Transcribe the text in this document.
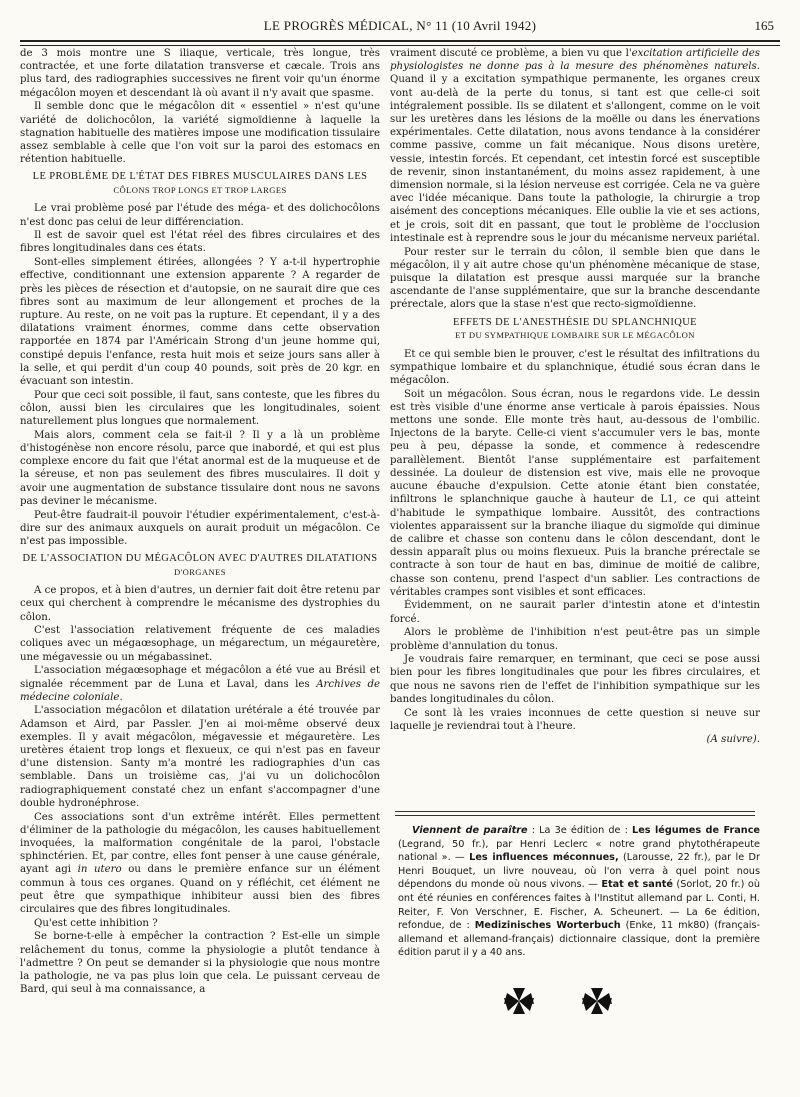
LE PROGRÈS MÉDICAL, N° 11 (10 Avril 1942)	165

de 3 mois montre une S iliaque, verticale, très longue, très contractée, et une forte dilatation transverse et cæcale. Trois ans plus tard, des radiographies successives ne firent voir qu'un énorme mégacôlon moyen et descendant là où avant il n'y avait que spasme.

Il semble donc que le mégacôlon dit « essentiel » n'est qu'une variété de dolichocôlon, la variété sigmoïdienne à laquelle la stagnation habituelle des matières impose une modification tissulaire assez semblable à celle que l'on voit sur la paroi des estomacs en rétention habituelle.

LE PROBLÈME DE L'ÉTAT DES FIBRES MUSCULAIRES DANS LES
CÔLONS TROP LONGS ET TROP LARGES

Le vrai problème posé par l'étude des méga- et des dolichocôlons n'est donc pas celui de leur différenciation.

Il est de savoir quel est l'état réel des fibres circulaires et des fibres longitudinales dans ces états.

Sont-elles simplement étirées, allongées ? Y a-t-il hypertrophie effective, conditionnant une extension apparente ? A regarder de près les pièces de résection et d'autopsie, on ne saurait dire que ces fibres sont au maximum de leur allongement et proches de la rupture. Au reste, on ne voit pas la rupture. Et cependant, il y a des dilatations vraiment énormes, comme dans cette observation rapportée en 1874 par l'Américain Strong d'un jeune homme qui, constipé depuis l'enfance, resta huit mois et seize jours sans aller à la selle, et qui perdit d'un coup 40 pounds, soit près de 20 kgr. en évacuant son intestin.

Pour que ceci soit possible, il faut, sans conteste, que les fibres du côlon, aussi bien les circulaires que les longitudinales, soient naturellement plus longues que normalement.

Mais alors, comment cela se fait-il ? Il y a là un problème d'histogénèse non encore résolu, parce que inabordé, et qui est plus complexe encore du fait que l'état anormal est de la muqueuse et de la séreuse, et non pas seulement des fibres musculaires. Il doit y avoir une augmentation de substance tissulaire dont nous ne savons pas deviner le mécanisme.

Peut-être faudrait-il pouvoir l'étudier expérimentalement, c'est-à-dire sur des animaux auxquels on aurait produit un mégacôlon. Ce n'est pas impossible.

DE L'ASSOCIATION DU MÉGACÔLON AVEC D'AUTRES DILATATIONS
D'ORGANES

A ce propos, et à bien d'autres, un dernier fait doit être retenu par ceux qui cherchent à comprendre le mécanisme des dystrophies du côlon.

C'est l'association relativement fréquente de ces maladies coliques avec un mégaœsophage, un mégarectum, un mégauretère, une mégavessie ou un mégabassinet.

L'association mégaœsophage et mégacôlon a été vue au Brésil et signalée récemment par de Luna et Laval, dans les Archives de médecine coloniale.

L'association mégacôlon et dilatation urétérale a été trouvée par Adamson et Aird, par Passler. J'en ai moi-même observé deux exemples. Il y avait mégacôlon, mégavessie et mégauretère. Les uretères étaient trop longs et flexueux, ce qui n'est pas en faveur d'une distension. Santy m'a montré les radiographies d'un cas semblable. Dans un troisième cas, j'ai vu un dolichocôlon radiographiquement constaté chez un enfant s'accompagner d'une double hydronéphrose.

Ces associations sont d'un extrême intérêt. Elles permettent d'éliminer de la pathologie du mégacôlon, les causes habituellement invoquées, la malformation congénitale de la paroi, l'obstacle sphinctérien. Et, par contre, elles font penser à une cause générale, ayant agi in utero ou dans le première enfance sur un élément commun à tous ces organes. Quand on y réfléchit, cet élément ne peut être que sympathique inhibiteur aussi bien des fibres circulaires que des fibres longitudinales.

Qu'est cette inhibition ?

Se borne-t-elle à empêcher la contraction ? Est-elle un simple relâchement du tonus, comme la physiologie a plutôt tendance à l'admettre ? On peut se demander si la physiologie que nous montre la pathologie, ne va pas plus loin que cela. Le puissant cerveau de Bard, qui seul à ma connaissance, a

vraiment discuté ce problème, a bien vu que l'excitation artificielle des physiologistes ne donne pas à la mesure des phénomènes naturels. Quand il y a excitation sympathique permanente, les organes creux vont au-delà de la perte du tonus, si tant est que celle-ci soit intégralement possible. Ils se dilatent et s'allongent, comme on le voit sur les uretères dans les lésions de la moëlle ou dans les énervations expérimentales. Cette dilatation, nous avons tendance à la considérer comme passive, comme un fait mécanique. Nous disons uretère, vessie, intestin forcés. Et cependant, cet intestin forcé est susceptible de revenir, sinon instantanément, du moins assez rapidement, à une dimension normale, si la lésion nerveuse est corrigée. Cela ne va guère avec l'idée mécanique. Dans toute la pathologie, la chirurgie a trop aisément des conceptions mécaniques. Elle oublie la vie et ses actions, et je crois, soit dit en passant, que tout le problème de l'occlusion intestinale est à reprendre sous le jour du mécanisme nerveux pariétal.

Pour rester sur le terrain du côlon, il semble bien que dans le mégacôlon, il y ait autre chose qu'un phénomène mécanique de stase, puisque la dilatation est presque aussi marquée sur la branche ascendante de l'anse supplémentaire, que sur la branche descendante prérectale, alors que la stase n'est que recto-sigmoïdienne.

EFFETS DE L'ANESTHÉSIE DU SPLANCHNIQUE
ET DU SYMPATHIQUE LOMBAIRE SUR LE MÉGACÔLON

Et ce qui semble bien le prouver, c'est le résultat des infiltrations du sympathique lombaire et du splanchnique, étudié sous écran dans le mégacôlon.

Soit un mégacôlon. Sous écran, nous le regardons vide. Le dessin est très visible d'une énorme anse verticale à parois épaissies. Nous mettons une sonde. Elle monte très haut, au-dessous de l'ombilic. Injectons de la baryte. Celle-ci vient s'accumuler vers le bas, monte peu à peu, dépasse la sonde, et commence à redescendre parallèlement. Bientôt l'anse supplémentaire est parfaitement dessinée. La douleur de distension est vive, mais elle ne provoque aucune ébauche d'expulsion. Cette atonie étant bien constatée, infiltrons le splanchnique gauche à hauteur de L1, ce qui atteint d'habitude le sympathique lombaire. Aussitôt, des contractions violentes apparaissent sur la branche iliaque du sigmoïde qui diminue de calibre et chasse son contenu dans le côlon descendant, dont le dessin apparaît plus ou moins flexueux. Puis la branche prérectale se contracte à son tour de haut en bas, diminue de moitié de calibre, chasse son contenu, prend l'aspect d'un sablier. Les contractions de véritables crampes sont visibles et sont efficaces.

Évidemment, on ne saurait parler d'intestin atone et d'intestin forcé.

Alors le problème de l'inhibition n'est peut-être pas un simple problème d'annulation du tonus.

Je voudrais faire remarquer, en terminant, que ceci se pose aussi bien pour les fibres longitudinales que pour les fibres circulaires, et que nous ne savons rien de l'effet de l'inhibition sympathique sur les bandes longitudinales du côlon.

Ce sont là les vraies inconnues de cette question si neuve sur laquelle je reviendrai tout à l'heure.

(A suivre).

Viennent de paraître : La 3e édition de : Les légumes de France (Legrand, 50 fr.), par Henri Leclerc « notre grand phytothérapeute national ». — Les influences méconnues, (Larousse, 22 fr.), par le Dr Henri Bouquet, un livre nouveau, où l'on verra à quel point nous dépendons du monde où nous vivons. — Etat et santé (Sorlot, 20 fr.) où ont été réunies en conférences faites à l'Institut allemand par L. Conti, H. Reiter, F. Von Verschner, E. Fischer, A. Scheunert. — La 6e édition, refondue, de : Medizinisches Worterbuch (Enke, 11 mk80) (français-allemand et allemand-français) dictionnaire classique, dont la première édition parut il y a 40 ans.
